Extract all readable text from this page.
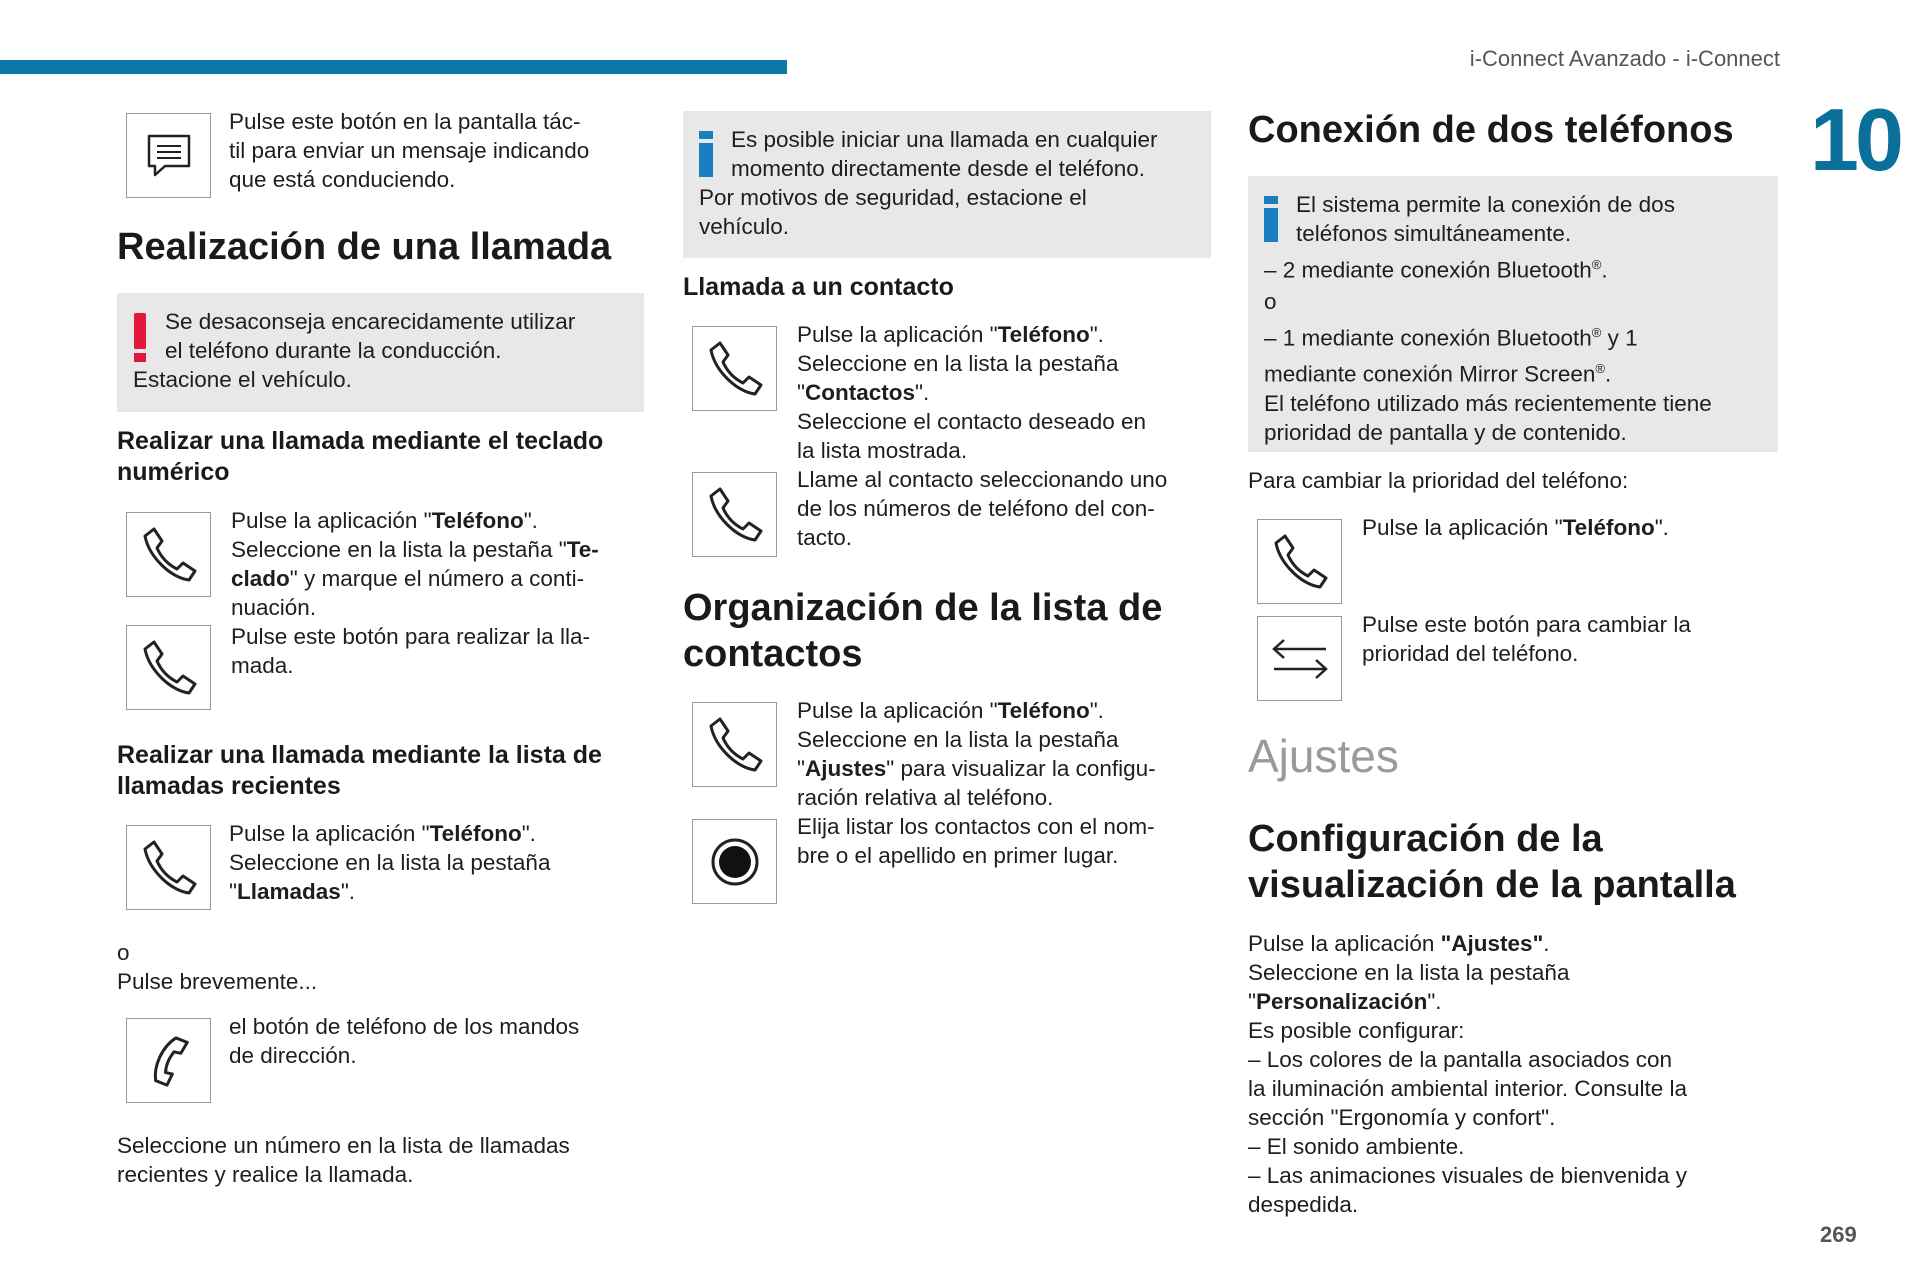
i-Connect Avanzado - i-Connect
10
269
Pulse este botón en la pantalla tác-
til para enviar un mensaje indicando
que está conduciendo.
Realización de una llamada
Se desaconseja encarecidamente utilizar
el teléfono durante la conducción.
Estacione el vehículo.
Realizar una llamada mediante el teclado
numérico
Pulse la aplicación "Teléfono".
Seleccione en la lista la pestaña "Te-
clado" y marque el número a conti-
nuación.
Pulse este botón para realizar la lla-
mada.
Realizar una llamada mediante la lista de
llamadas recientes
Pulse la aplicación "Teléfono".
Seleccione en la lista la pestaña
"Llamadas".
o
Pulse brevemente...
el botón de teléfono de los mandos
de dirección.
Seleccione un número en la lista de llamadas
recientes y realice la llamada.
Es posible iniciar una llamada en cualquier
momento directamente desde el teléfono.
Por motivos de seguridad, estacione el
vehículo.
Llamada a un contacto
Pulse la aplicación "Teléfono".
Seleccione en la lista la pestaña
"Contactos".
Seleccione el contacto deseado en
la lista mostrada.
Llame al contacto seleccionando uno
de los números de teléfono del con-
tacto.
Organización de la lista de
contactos
Pulse la aplicación "Teléfono".
Seleccione en la lista la pestaña
"Ajustes" para visualizar la configu-
ración relativa al teléfono.
Elija listar los contactos con el nom-
bre o el apellido en primer lugar.
Conexión de dos teléfonos
El sistema permite la conexión de dos
teléfonos simultáneamente.
– 2 mediante conexión Bluetooth®.
o
– 1 mediante conexión Bluetooth® y 1
mediante conexión Mirror Screen®.
El teléfono utilizado más recientemente tiene
prioridad de pantalla y de contenido.
Para cambiar la prioridad del teléfono:
Pulse la aplicación "Teléfono".
Pulse este botón para cambiar la
prioridad del teléfono.
Ajustes
Configuración de la
visualización de la pantalla
Pulse la aplicación "Ajustes".
Seleccione en la lista la pestaña
"Personalización".
Es posible configurar:
– Los colores de la pantalla asociados con
la iluminación ambiental interior. Consulte la
sección "Ergonomía y confort".
– El sonido ambiente.
– Las animaciones visuales de bienvenida y
despedida.
